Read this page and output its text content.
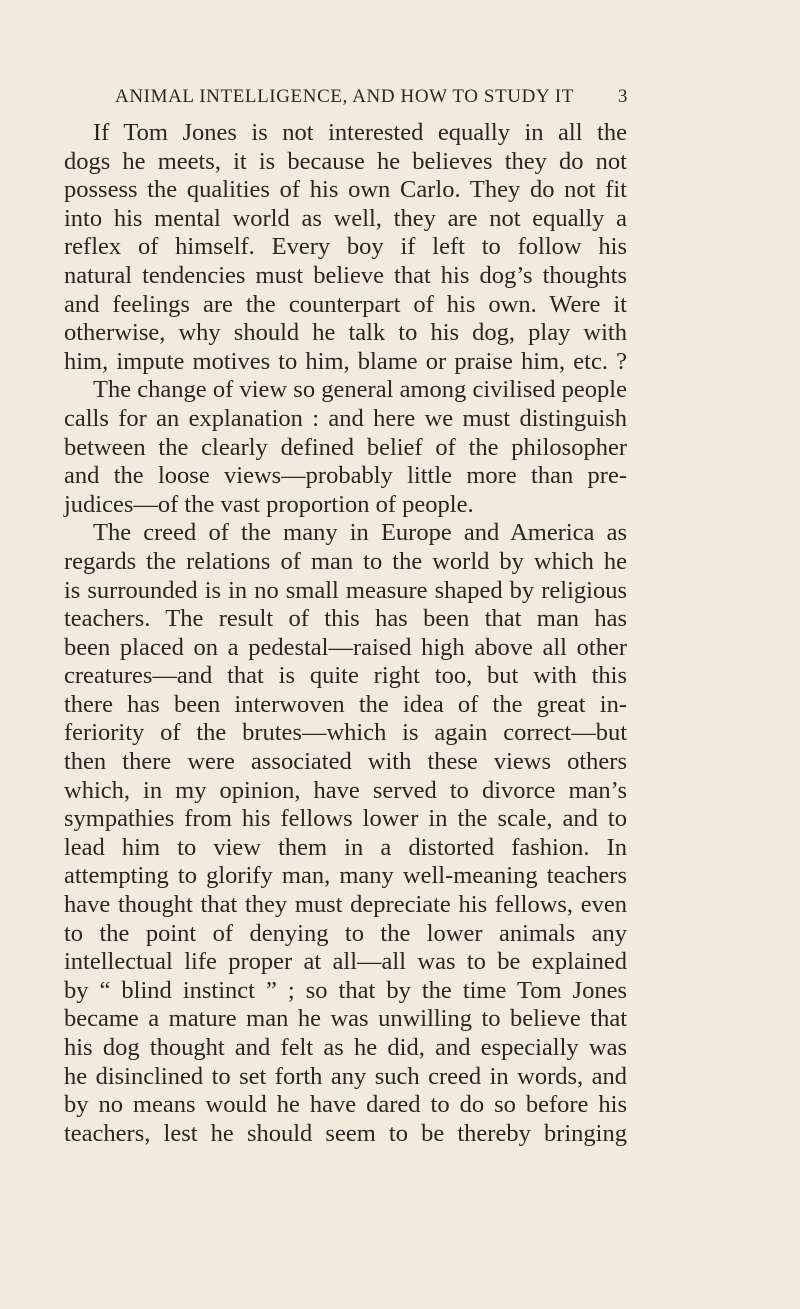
ANIMAL INTELLIGENCE, AND HOW TO STUDY IT 3
If Tom Jones is not interested equally in all the
dogs he meets, it is because he believes they do not
possess the qualities of his own Carlo. They do not fit
into his mental world as well, they are not equally a
reflex of himself. Every boy if left to follow his
natural tendencies must believe that his dog’s thoughts
and feelings are the counterpart of his own. Were it
otherwise, why should he talk to his dog, play with
him, impute motives to him, blame or praise him, etc. ?
The change of view so general among civilised people
calls for an explanation : and here we must distinguish
between the clearly defined belief of the philosopher
and the loose views—probably little more than pre-
judices—of the vast proportion of people.
The creed of the many in Europe and America as
regards the relations of man to the world by which he
is surrounded is in no small measure shaped by religious
teachers. The result of this has been that man has
been placed on a pedestal—raised high above all other
creatures—and that is quite right too, but with this
there has been interwoven the idea of the great in-
feriority of the brutes—which is again correct—but
then there were associated with these views others
which, in my opinion, have served to divorce man’s
sympathies from his fellows lower in the scale, and to
lead him to view them in a distorted fashion. In
attempting to glorify man, many well-meaning teachers
have thought that they must depreciate his fellows, even
to the point of denying to the lower animals any
intellectual life proper at all—all was to be explained
by “ blind instinct ” ; so that by the time Tom Jones
became a mature man he was unwilling to believe that
his dog thought and felt as he did, and especially was
he disinclined to set forth any such creed in words, and
by no means would he have dared to do so before his
teachers, lest he should seem to be thereby bringing
